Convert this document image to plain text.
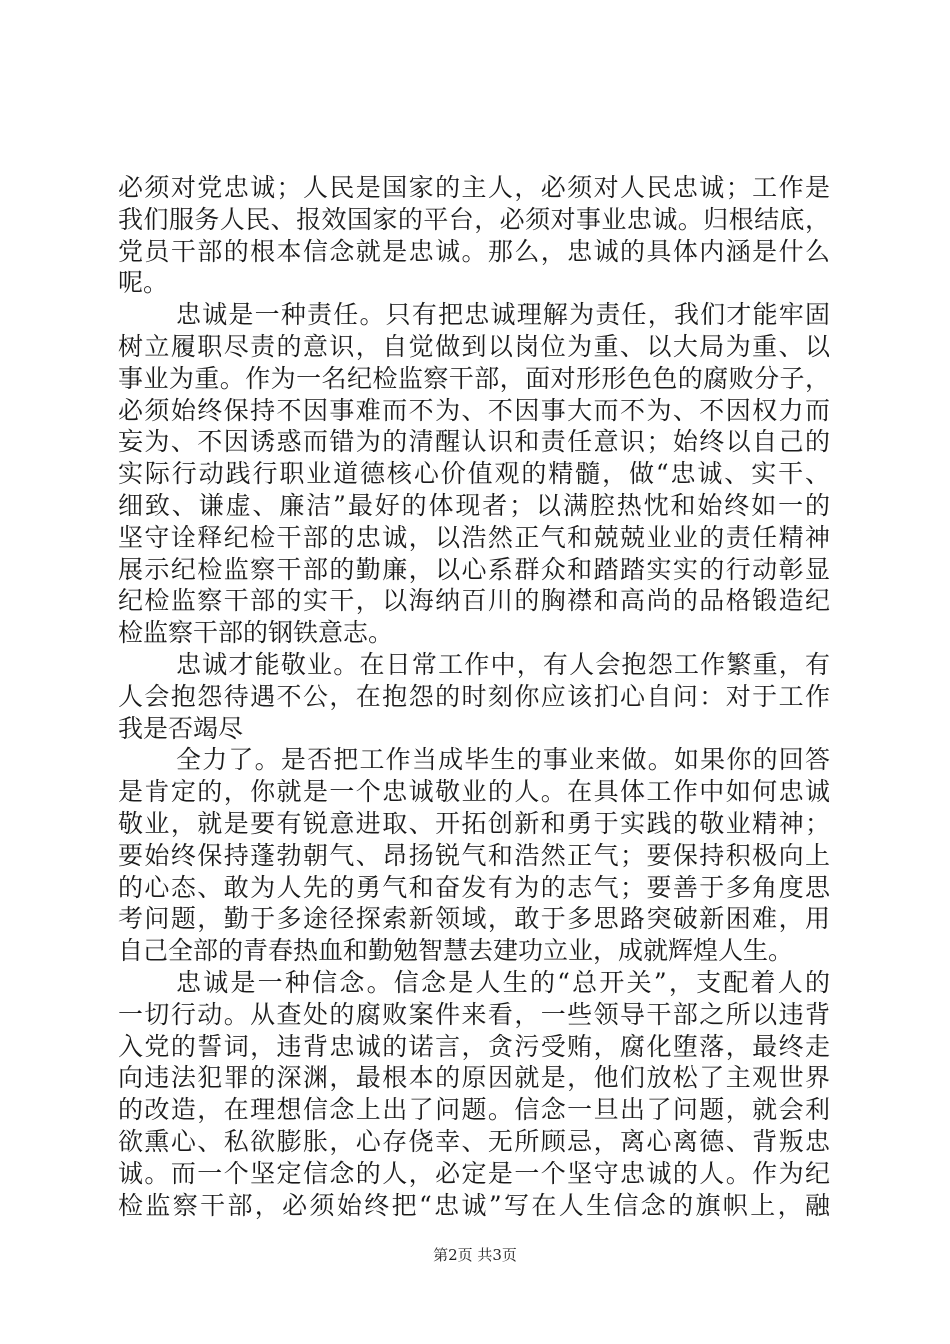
必须对党忠诚；人民是国家的主人，必须对人民忠诚；工作是
我们服务人民、报效国家的平台，必须对事业忠诚。归根结底，
党员干部的根本信念就是忠诚。那么，忠诚的具体内涵是什么
呢。
忠诚是一种责任。只有把忠诚理解为责任，我们才能牢固
树立履职尽责的意识，自觉做到以岗位为重、以大局为重、以
事业为重。作为一名纪检监察干部，面对形形色色的腐败分子，
必须始终保持不因事难而不为、不因事大而不为、不因权力而
妄为、不因诱惑而错为的清醒认识和责任意识；始终以自己的
实际行动践行职业道德核心价值观的精髓，做“忠诚、实干、
细致、谦虚、廉洁”最好的体现者；以满腔热忱和始终如一的
坚守诠释纪检干部的忠诚，以浩然正气和兢兢业业的责任精神
展示纪检监察干部的勤廉，以心系群众和踏踏实实的行动彰显
纪检监察干部的实干，以海纳百川的胸襟和高尚的品格锻造纪
检监察干部的钢铁意志。
忠诚才能敬业。在日常工作中，有人会抱怨工作繁重，有
人会抱怨待遇不公，在抱怨的时刻你应该扪心自问：对于工作
我是否竭尽
全力了。是否把工作当成毕生的事业来做。如果你的回答
是肯定的，你就是一个忠诚敬业的人。在具体工作中如何忠诚
敬业，就是要有锐意进取、开拓创新和勇于实践的敬业精神；
要始终保持蓬勃朝气、昂扬锐气和浩然正气；要保持积极向上
的心态、敢为人先的勇气和奋发有为的志气；要善于多角度思
考问题，勤于多途径探索新领域，敢于多思路突破新困难，用
自己全部的青春热血和勤勉智慧去建功立业，成就辉煌人生。
忠诚是一种信念。信念是人生的“总开关”，支配着人的
一切行动。从查处的腐败案件来看，一些领导干部之所以违背
入党的誓词，违背忠诚的诺言，贪污受贿，腐化堕落，最终走
向违法犯罪的深渊，最根本的原因就是，他们放松了主观世界
的改造，在理想信念上出了问题。信念一旦出了问题，就会利
欲熏心、私欲膨胀，心存侥幸、无所顾忌，离心离德、背叛忠
诚。而一个坚定信念的人，必定是一个坚守忠诚的人。作为纪
检监察干部，必须始终把“忠诚”写在人生信念的旗帜上，融
第2页 共3页
